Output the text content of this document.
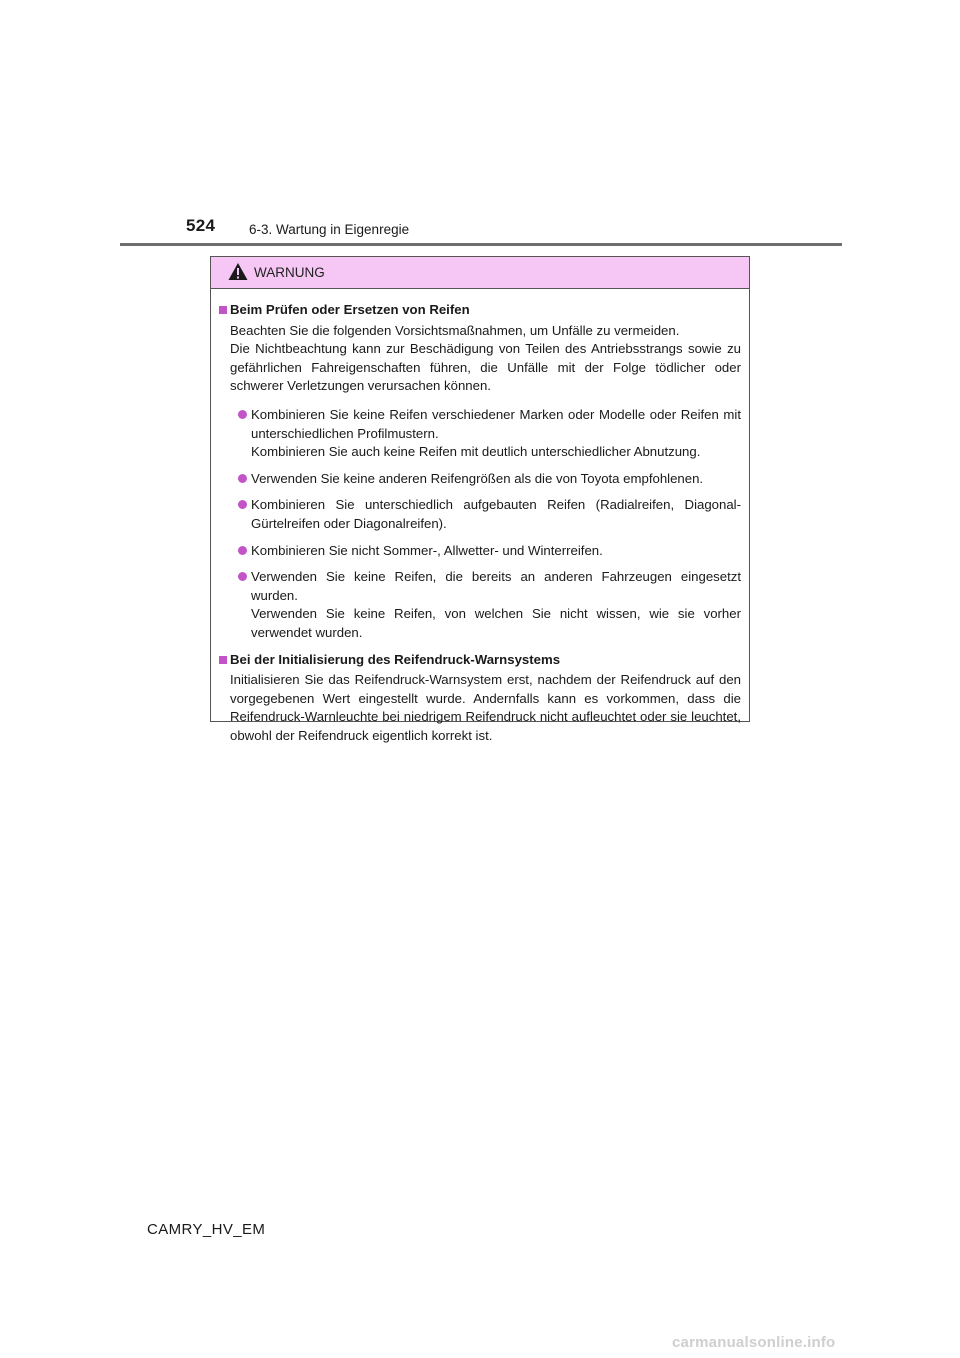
524 6-3. Wartung in Eigenregie
WARNUNG
Beim Prüfen oder Ersetzen von Reifen
Beachten Sie die folgenden Vorsichtsmaßnahmen, um Unfälle zu vermeiden.
Die Nichtbeachtung kann zur Beschädigung von Teilen des Antriebsstrangs sowie zu gefährlichen Fahreigenschaften führen, die Unfälle mit der Folge tödlicher oder schwerer Verletzungen verursachen können.
Kombinieren Sie keine Reifen verschiedener Marken oder Modelle oder Reifen mit unterschiedlichen Profilmustern.
Kombinieren Sie auch keine Reifen mit deutlich unterschiedlicher Abnutzung.
Verwenden Sie keine anderen Reifengrößen als die von Toyota empfohlenen.
Kombinieren Sie unterschiedlich aufgebauten Reifen (Radialreifen, Diagonal-Gürtelreifen oder Diagonalreifen).
Kombinieren Sie nicht Sommer-, Allwetter- und Winterreifen.
Verwenden Sie keine Reifen, die bereits an anderen Fahrzeugen eingesetzt wurden.
Verwenden Sie keine Reifen, von welchen Sie nicht wissen, wie sie vorher verwendet wurden.
Bei der Initialisierung des Reifendruck-Warnsystems
Initialisieren Sie das Reifendruck-Warnsystem erst, nachdem der Reifendruck auf den vorgegebenen Wert eingestellt wurde. Andernfalls kann es vorkommen, dass die Reifendruck-Warnleuchte bei niedrigem Reifendruck nicht aufleuchtet oder sie leuchtet, obwohl der Reifendruck eigentlich korrekt ist.
CAMRY_HV_EM
carmanualsonline.info
